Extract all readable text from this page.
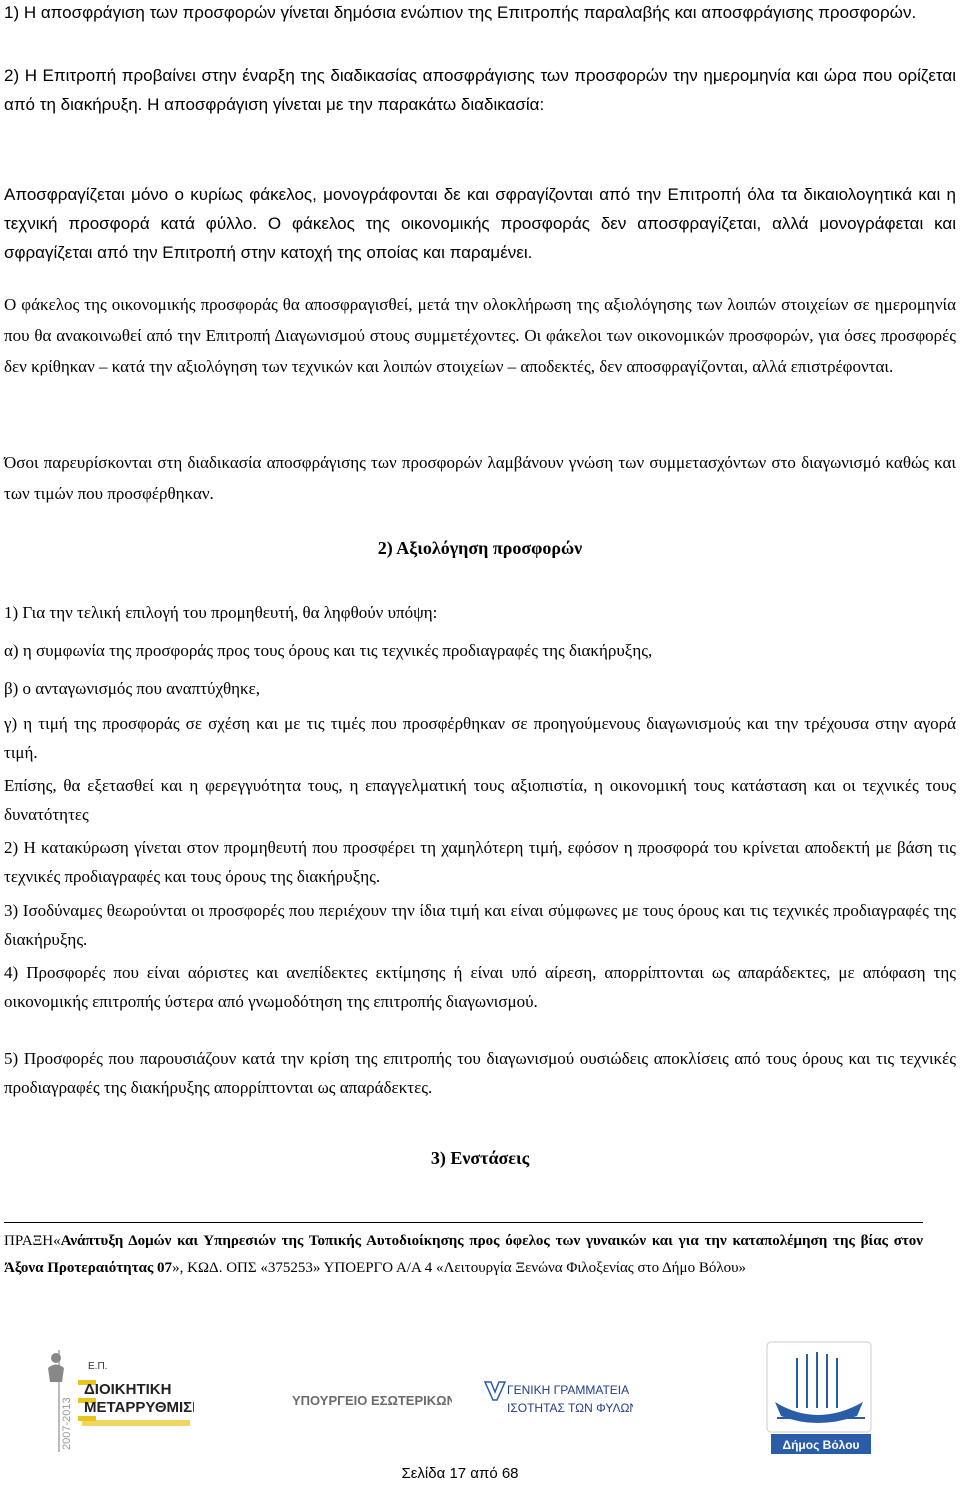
1) Η αποσφράγιση των προσφορών γίνεται δημόσια ενώπιον της Επιτροπής παραλαβής και αποσφράγισης προσφορών.

2) Η Επιτροπή προβαίνει στην έναρξη της διαδικασίας αποσφράγισης των προσφορών την ημερομηνία και ώρα που ορίζεται από τη διακήρυξη. Η αποσφράγιση γίνεται με την παρακάτω διαδικασία:

Αποσφραγίζεται μόνο ο κυρίως φάκελος, μονογράφονται δε και σφραγίζονται από την Επιτροπή όλα τα δικαιολογητικά και η τεχνική προσφορά κατά φύλλο. Ο φάκελος της οικονομικής προσφοράς δεν αποσφραγίζεται, αλλά μονογράφεται και σφραγίζεται από την Επιτροπή στην κατοχή της οποίας και παραμένει.

Ο φάκελος της οικονομικής προσφοράς θα αποσφραγισθεί, μετά την ολοκλήρωση της αξιολόγησης των λοιπών στοιχείων σε ημερομηνία που θα ανακοινωθεί από την Επιτροπή Διαγωνισμού στους συμμετέχοντες. Οι φάκελοι των οικονομικών προσφορών, για όσες προσφορές δεν κρίθηκαν – κατά την αξιολόγηση των τεχνικών και λοιπών στοιχείων – αποδεκτές, δεν αποσφραγίζονται, αλλά επιστρέφονται.

Όσοι παρευρίσκονται στη διαδικασία αποσφράγισης των προσφορών λαμβάνουν γνώση των συμμετασχόντων στο διαγωνισμό καθώς και των τιμών που προσφέρθηκαν.

2) Αξιολόγηση προσφορών

1) Για την τελική επιλογή του προμηθευτή, θα ληφθούν υπόψη:

α) η συμφωνία της προσφοράς προς τους όρους και τις τεχνικές προδιαγραφές της διακήρυξης,

β) ο ανταγωνισμός που αναπτύχθηκε,

γ) η τιμή της προσφοράς σε σχέση και με τις τιμές που προσφέρθηκαν σε προηγούμενους διαγωνισμούς και την τρέχουσα στην αγορά τιμή.

Επίσης, θα εξετασθεί και η φερεγγυότητα τους, η επαγγελματική τους αξιοπιστία, η οικονομική τους κατάσταση και οι τεχνικές τους δυνατότητες

2) Η κατακύρωση γίνεται στον προμηθευτή που προσφέρει τη χαμηλότερη τιμή, εφόσον η προσφορά του κρίνεται αποδεκτή με βάση τις τεχνικές προδιαγραφές και τους όρους της διακήρυξης.

3) Ισοδύναμες θεωρούνται οι προσφορές που περιέχουν την ίδια τιμή και είναι σύμφωνες με τους όρους και τις τεχνικές προδιαγραφές της διακήρυξης.

4) Προσφορές που είναι αόριστες και ανεπίδεκτες εκτίμησης ή είναι υπό αίρεση, απορρίπτονται ως απαράδεκτες, με απόφαση της οικονομικής επιτροπής ύστερα από γνωμοδότηση της επιτροπής διαγωνισμού.

5) Προσφορές που παρουσιάζουν κατά την κρίση της επιτροπής του διαγωνισμού ουσιώδεις αποκλίσεις από τους όρους και τις τεχνικές προδιαγραφές της διακήρυξης απορρίπτονται ως απαράδεκτες.

3) Ενστάσεις

ΠΡΑΞΗ«Ανάπτυξη Δομών και Υπηρεσιών της Τοπικής Αυτοδιοίκησης προς όφελος των γυναικών και για την καταπολέμηση της βίας στον Άξονα Προτεραιότητας 07», ΚΩΔ. ΟΠΣ «375253» ΥΠΟΕΡΓΟ Α/Α 4 «Λειτουργία Ξενώνα Φιλοξενίας στο Δήμο Βόλου»

2007-2013
Ε.Π.
ΔΙΟΙΚΗΤΙΚΗ
ΜΕΤΑΡΡΥΘΜΙΣΗ	ΥΠΟΥΡΓΕΙΟ ΕΣΩΤΕΡΙΚΩΝ
ΓΕΝΙΚΗ ΓΡΑΜΜΑΤΕΙΑ
ΙΣΟΤΗΤΑΣ ΤΩΝ ΦΥΛΩΝ
Δήμος Βόλου
Σελίδα 17 από 68
